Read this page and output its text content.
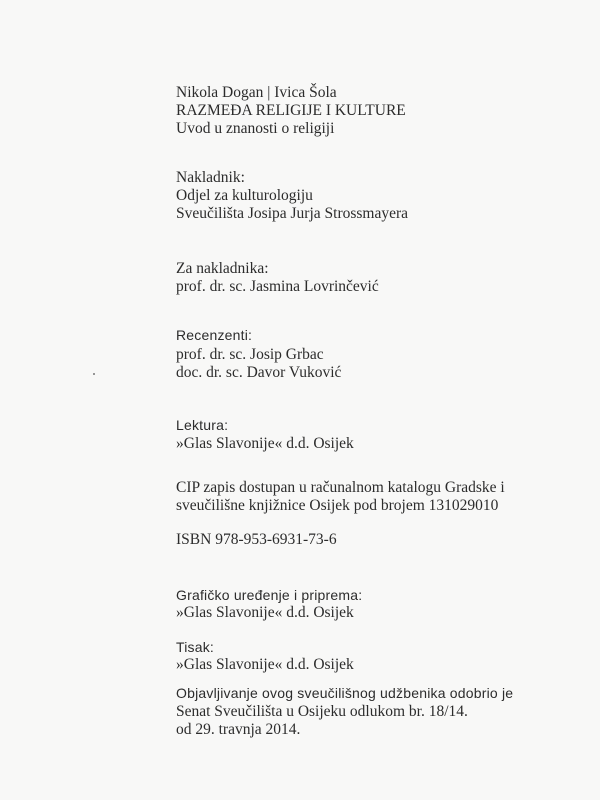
Nikola Dogan | Ivica Šola
RAZMEĐA RELIGIJE I KULTURE
Uvod u znanosti o religiji
Nakladnik:
Odjel za kulturologiju
Sveučilišta Josipa Jurja Strossmayera
Za nakladnika:
prof. dr. sc. Jasmina Lovrinčević
Recenzenti:
prof. dr. sc. Josip Grbac
doc. dr. sc. Davor Vuković
Lektura:
»Glas Slavonije« d.d. Osijek
CIP zapis dostupan u računalnom katalogu Gradske i
sveučilišne knjižnice Osijek pod brojem 131029010
ISBN 978-953-6931-73-6
Grafičko uređenje i priprema:
»Glas Slavonije« d.d. Osijek
Tisak:
»Glas Slavonije« d.d. Osijek
Objavljivanje ovog sveučilišnog udžbenika odobrio je
Senat Sveučilišta u Osijeku odlukom br. 18/14.
od 29. travnja 2014.
